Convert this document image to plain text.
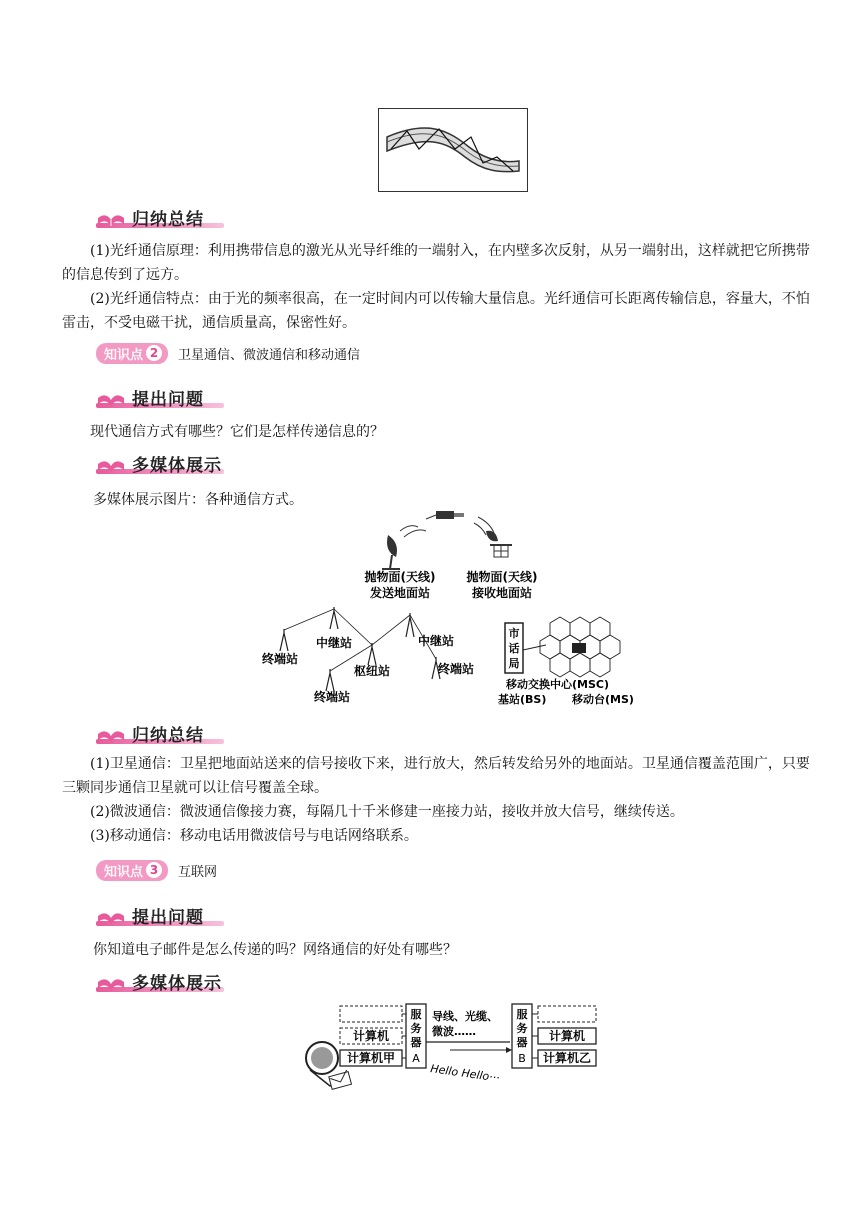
归纳总结
(1)光纤通信原理：利用携带信息的激光从光导纤维的一端射入，在内壁多次反射，从另一端射出，这样就把它所携带的信息传到了远方。
(2)光纤通信特点：由于光的频率很高，在一定时间内可以传输大量信息。光纤通信可长距离传输信息，容量大，不怕雷击，不受电磁干扰，通信质量高，保密性好。
知识点 2 卫星通信、微波通信和移动通信
提出问题
现代通信方式有哪些？它们是怎样传递信息的？
多媒体展示
多媒体展示图片：各种通信方式。
抛物面(天线)
发送地面站
抛物面(天线)
接收地面站
终端站
中继站	中继站
枢纽站	终端站
终端站
市
话
局
移动交换中心(MSC)
基站(BS) 移动台(MS)
归纳总结
(1)卫星通信：卫星把地面站送来的信号接收下来，进行放大，然后转发给另外的地面站。卫星通信覆盖范围广，只要三颗同步通信卫星就可以让信号覆盖全球。
(2)微波通信：微波通信像接力赛，每隔几十千米修建一座接力站，接收并放大信号，继续传送。
(3)移动通信：移动电话用微波信号与电话网络联系。
知识点 3 互联网
提出问题
你知道电子邮件是怎么传递的吗？网络通信的好处有哪些？
多媒体展示
计算机
计算机甲
服
务
器
A
导线、光缆、
微波……
Hello Hello···
服
务
器
B
计算机
计算机乙
